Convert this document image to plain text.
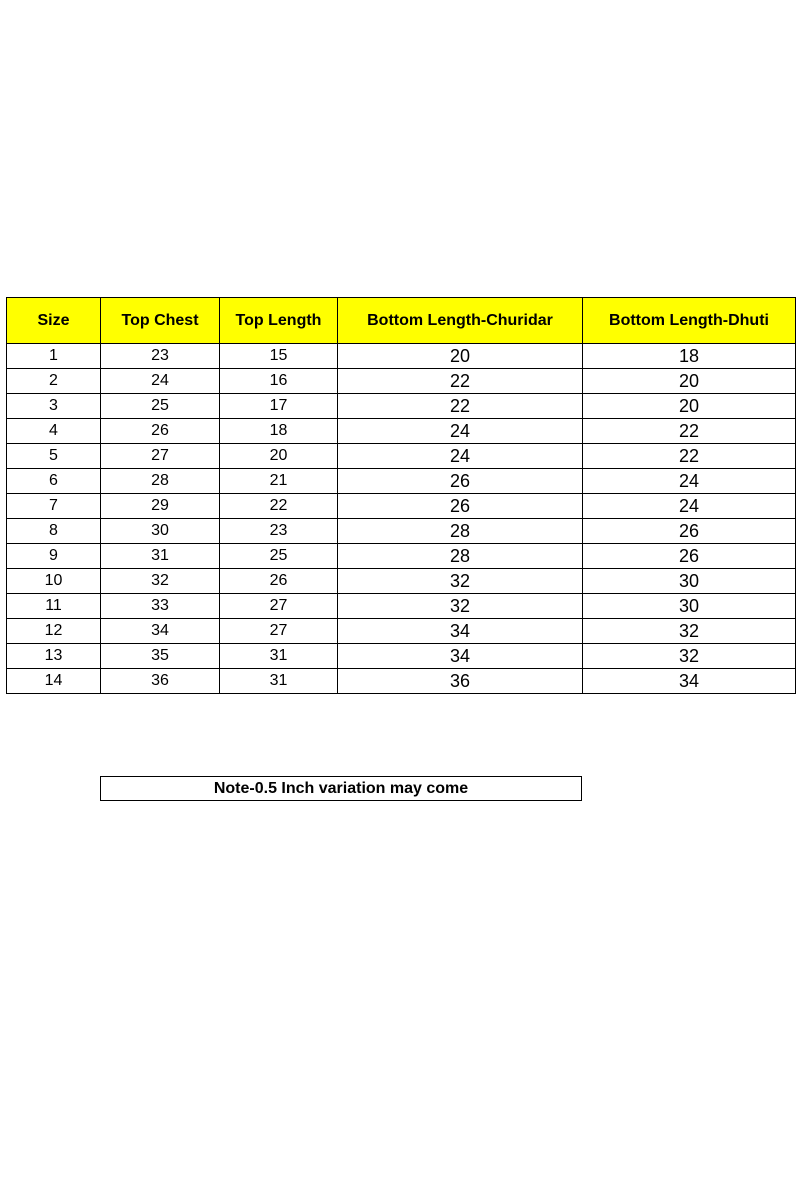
Size	Top Chest	Top Length	Bottom Length-Churidar	Bottom Length-Dhuti
1	23	15	20	18
2	24	16	22	20
3	25	17	22	20
4	26	18	24	22
5	27	20	24	22
6	28	21	26	24
7	29	22	26	24
8	30	23	28	26
9	31	25	28	26
10	32	26	32	30
11	33	27	32	30
12	34	27	34	32
13	35	31	34	32
14	36	31	36	34
Note-0.5 Inch variation may come
